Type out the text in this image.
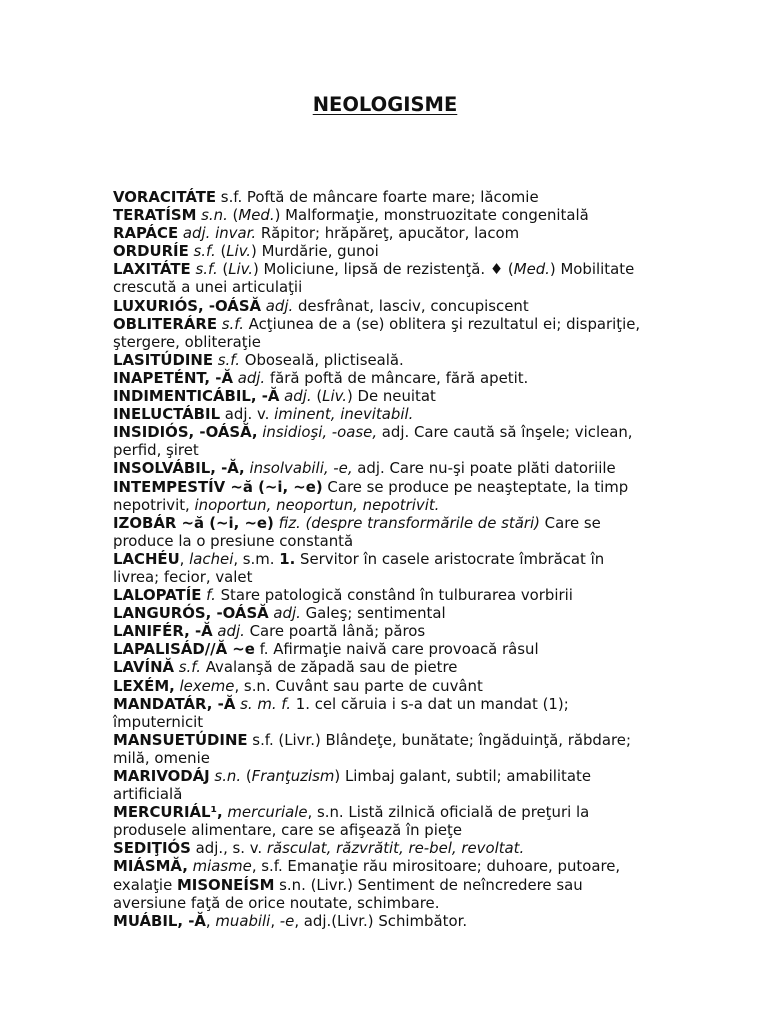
NEOLOGISME
VORACITÁTE s.f. Poftă de mâncare foarte mare; lăcomie
TERATÍSM s.n. (Med.) Malformaţie, monstruozitate congenitală
RAPÁCE adj. invar. Răpitor; hrăpăreţ, apucător, lacom
ORDURÍE s.f. (Liv.) Murdărie, gunoi
LAXITÁTE s.f. (Liv.) Moliciune, lipsă de rezistenţă. ♦ (Med.) Mobilitate
crescută a unei articulaţii
LUXURIÓS, -OÁSĂ adj. desfrânat, lasciv, concupiscent
OBLITERÁRE s.f. Acţiunea de a (se) oblitera şi rezultatul ei; dispariţie,
ştergere, obliteraţie
LASITÚDINE s.f. Oboseală, plictiseală.
INAPETÉNT, -Ă adj. fără poftă de mâncare, fără apetit.
INDIMENTICÁBIL, -Ă adj. (Liv.) De neuitat
INELUCTÁBIL adj. v. iminent, inevitabil.
INSIDIÓS, -OÁSĂ, insidioşi, -oase, adj. Care caută să înşele; viclean,
perfid, şiret
INSOLVÁBIL, -Ă, insolvabili, -e, adj. Care nu-şi poate plăti datoriile
INTEMPESTÍV ~ă (~i, ~e) Care se produce pe neaşteptate, la timp
nepotrivit, inoportun, neoportun, nepotrivit.
IZOBÁR ~ă (~i, ~e) fiz. (despre transformările de stări) Care se
produce la o presiune constantă
LACHÉU, lachei, s.m. 1. Servitor în casele aristocrate îmbrăcat în
livrea; fecior, valet
LALOPATÍE f. Stare patologică constând în tulburarea vorbirii
LANGURÓS, -OÁSĂ adj. Galeş; sentimental
LANIFÉR, -Ă adj. Care poartă lână; păros
LAPALISÁD//Ă ~e f. Afirmaţie naivă care provoacă râsul
LAVÍNĂ s.f. Avalanşă de zăpadă sau de pietre
LEXÉM, lexeme, s.n. Cuvânt sau parte de cuvânt
MANDATÁR, -Ă s. m. f. 1. cel căruia i s-a dat un mandat (1);
împuternicit
MANSUETÚDINE s.f. (Livr.) Blândeţe, bunătate; îngăduinţă, răbdare;
milă, omenie
MARIVODÁJ s.n. (Franţuzism) Limbaj galant, subtil; amabilitate
artificială
MERCURIÁL¹, mercuriale, s.n. Listă zilnică oficială de preţuri la
produsele alimentare, care se afişează în pieţe
SEDIŢIÓS adj., s. v. răsculat, răzvrătit, re-bel, revoltat.
MIÁSMĂ, miasme, s.f. Emanaţie rău mirositoare; duhoare, putoare,
exalaţie MISONEÍSM s.n. (Livr.) Sentiment de neîncredere sau
aversiune faţă de orice noutate, schimbare.
MUÁBIL, -Ă, muabili, -e, adj.(Livr.) Schimbător.
